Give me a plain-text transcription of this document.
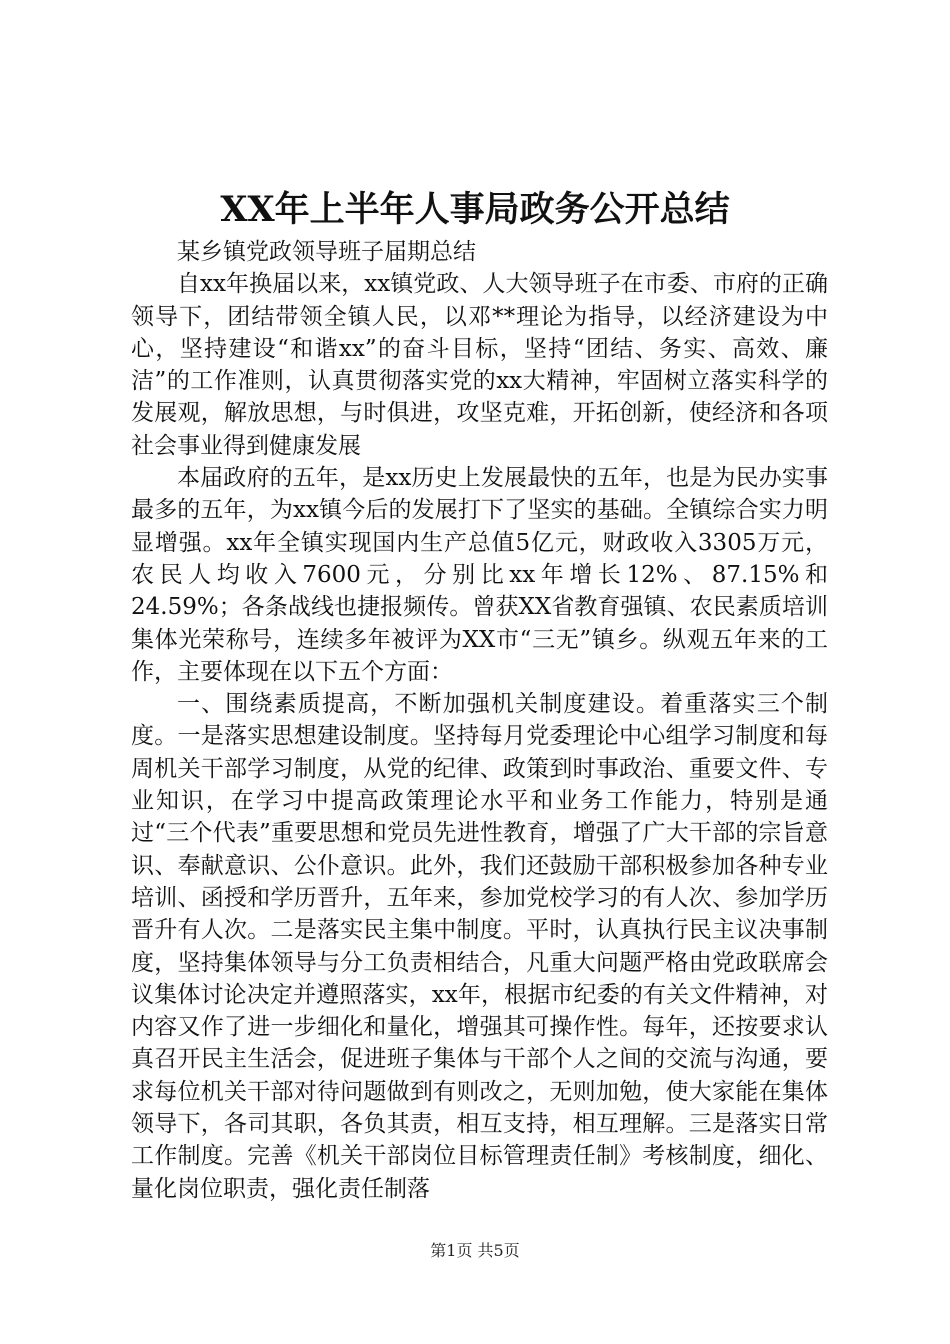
XX年上半年人事局政务公开总结

某乡镇党政领导班子届期总结

自xx年换届以来，xx镇党政、人大领导班子在市委、市府的正确领导下，团结带领全镇人民，以邓**理论为指导，以经济建设为中心，坚持建设“和谐xx”的奋斗目标，坚持“团结、务实、高效、廉洁”的工作准则，认真贯彻落实党的xx大精神，牢固树立落实科学的发展观，解放思想，与时俱进，攻坚克难，开拓创新，使经济和各项社会事业得到健康发展

本届政府的五年，是xx历史上发展最快的五年，也是为民办实事最多的五年，为xx镇今后的发展打下了坚实的基础。全镇综合实力明显增强。xx年全镇实现国内生产总值5亿元，财政收入3305万元，农民人均收入7600元，分别比xx年增长12%、87.15%和24.59%；各条战线也捷报频传。曾获XX省教育强镇、农民素质培训集体光荣称号，连续多年被评为XX市“三无”镇乡。纵观五年来的工作，主要体现在以下五个方面：

一、围绕素质提高，不断加强机关制度建设。着重落实三个制度。一是落实思想建设制度。坚持每月党委理论中心组学习制度和每周机关干部学习制度，从党的纪律、政策到时事政治、重要文件、专业知识，在学习中提高政策理论水平和业务工作能力，特别是通过“三个代表”重要思想和党员先进性教育，增强了广大干部的宗旨意识、奉献意识、公仆意识。此外，我们还鼓励干部积极参加各种专业培训、函授和学历晋升，五年来，参加党校学习的有人次、参加学历晋升有人次。二是落实民主集中制度。平时，认真执行民主议决事制度，坚持集体领导与分工负责相结合，凡重大问题严格由党政联席会议集体讨论决定并遵照落实，xx年，根据市纪委的有关文件精神，对内容又作了进一步细化和量化，增强其可操作性。每年，还按要求认真召开民主生活会，促进班子集体与干部个人之间的交流与沟通，要求每位机关干部对待问题做到有则改之，无则加勉，使大家能在集体领导下，各司其职，各负其责，相互支持，相互理解。三是落实日常工作制度。完善《机关干部岗位目标管理责任制》考核制度，细化、量化岗位职责，强化责任制落

第1页 共5页
